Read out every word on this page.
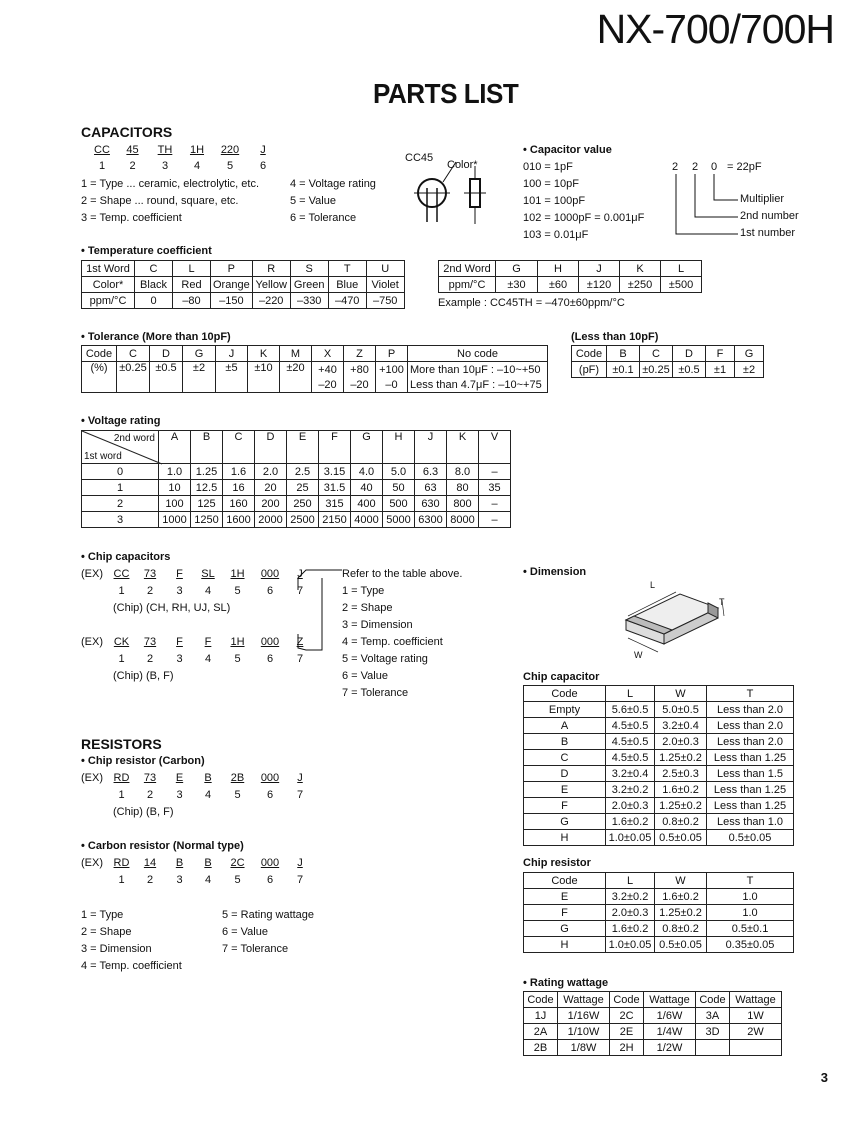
NX-700/700H
PARTS LIST
CAPACITORS
CC	45	TH	1H	220	J
1	2	3	4	5	6
1 = Type ... ceramic, electrolytic, etc.
2 = Shape ... round, square, etc.
3 = Temp. coefficient
4 = Voltage rating
5 = Value
6 = Tolerance
CC45
Color*
• Capacitor value
010 = 1pF
100 = 10pF
101 = 100pF
102 = 1000pF = 0.001μF
103 = 0.01μF
2 2 0 = 22pF
Multiplier
2nd number
1st number
• Temperature coefficient
1st Word	C	L	P	R	S	T	U
Color*	Black	Red	Orange	Yellow	Green	Blue	Violet
ppm/°C	0	–80	–150	–220	–330	–470	–750
2nd Word	G	H	J	K	L
ppm/°C	±30	±60	±120	±250	±500
Example : CC45TH = –470±60ppm/°C
• Tolerance (More than 10pF)
Code	C	D	G	J	K	M	X	Z	P	No code
(%)	±0.25	±0.5	±2	±5	±10	±20	+40	+80	+100	More than 10μF : –10~+50
							–20	–20	–0	Less than 4.7μF : –10~+75
(Less than 10pF)
Code	B	C	D	F	G
(pF)	±0.1	±0.25	±0.5	±1	±2
• Voltage rating
2nd word
1st word	A	B	C	D	E	F	G	H	J	K	V
0	1.0	1.25	1.6	2.0	2.5	3.15	4.0	5.0	6.3	8.0	–
1	10	12.5	16	20	25	31.5	40	50	63	80	35
2	100	125	160	200	250	315	400	500	630	800	–
3	1000	1250	1600	2000	2500	2150	4000	5000	6300	8000	–
• Chip capacitors
(EX) CC	73	F	SL	1H	000	J
1	2	3	4	5	6	7
(Chip) (CH, RH, UJ, SL)
(EX) CK	73	F	F	1H	000	Z
1	2	3	4	5	6	7
(Chip) (B, F)
Refer to the table above.
1 = Type
2 = Shape
3 = Dimension
4 = Temp. coefficient
5 = Voltage rating
6 = Value
7 = Tolerance
• Dimension
L
T
W
Chip capacitor
Code	L	W	T
Empty	5.6±0.5	5.0±0.5	Less than 2.0
A	4.5±0.5	3.2±0.4	Less than 2.0
B	4.5±0.5	2.0±0.3	Less than 2.0
C	4.5±0.5	1.25±0.2	Less than 1.25
D	3.2±0.4	2.5±0.3	Less than 1.5
E	3.2±0.2	1.6±0.2	Less than 1.25
F	2.0±0.3	1.25±0.2	Less than 1.25
G	1.6±0.2	0.8±0.2	Less than 1.0
H	1.0±0.05	0.5±0.05	0.5±0.05
Chip resistor
Code	L	W	T
E	3.2±0.2	1.6±0.2	1.0
F	2.0±0.3	1.25±0.2	1.0
G	1.6±0.2	0.8±0.2	0.5±0.1
H	1.0±0.05	0.5±0.05	0.35±0.05
RESISTORS
• Chip resistor (Carbon)
(EX) RD	73	E	B	2B	000	J
1	2	3	4	5	6	7
(Chip) (B, F)
• Carbon resistor (Normal type)
(EX) RD	14	B	B	2C	000	J
1	2	3	4	5	6	7
1 = Type
2 = Shape
3 = Dimension
4 = Temp. coefficient
5 = Rating wattage
6 = Value
7 = Tolerance
• Rating wattage
Code	Wattage	Code	Wattage	Code	Wattage
1J	1/16W	2C	1/6W	3A	1W
2A	1/10W	2E	1/4W	3D	2W
2B	1/8W	2H	1/2W		
3
